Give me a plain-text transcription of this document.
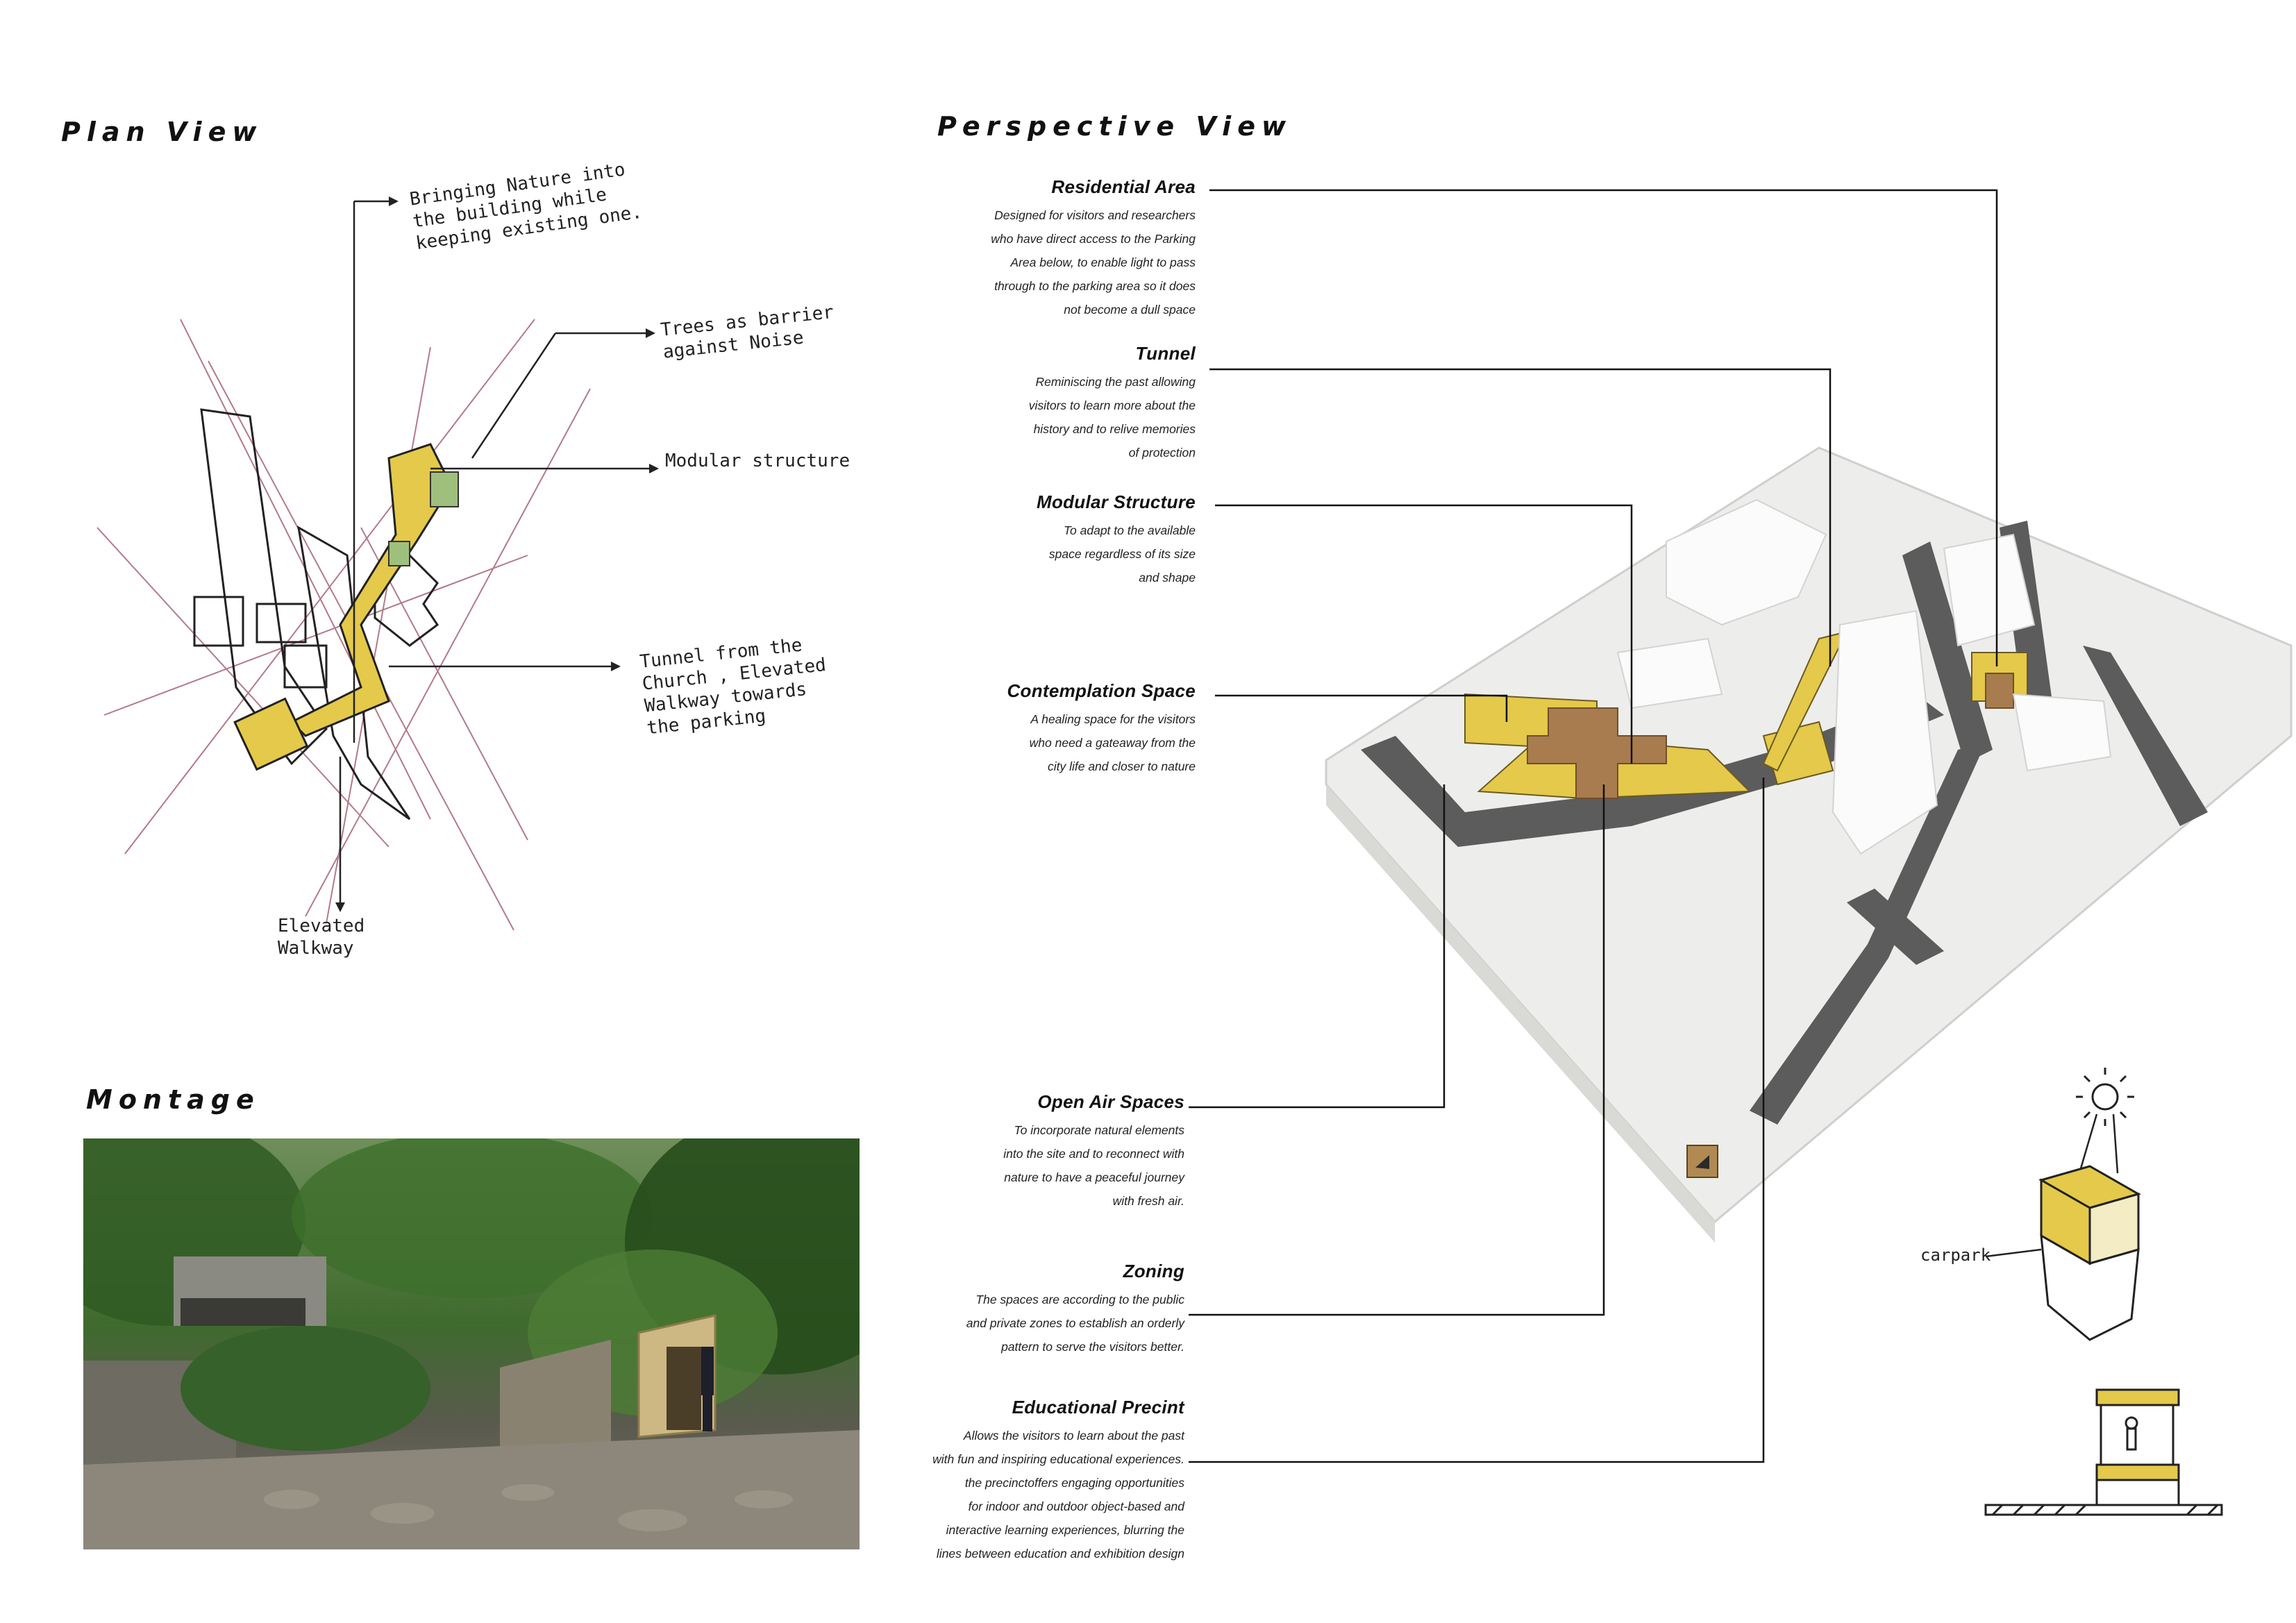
Plan View	Perspective View
Montage
Bringing Nature into
the building while
keeping existing one.
Trees as barrier
against Noise
Modular structure
Tunnel from the
Church , Elevated
Walkway towards
the parking
Elevated
Walkway
Residential Area

Designed for visitors and researchers
who have direct access to the Parking
Area below, to enable light to pass
through to the parking area so it does
not become a dull space

Tunnel

Reminiscing the past allowing
visitors to learn more about the
history and to relive memories
of protection

Modular Structure

To adapt to the available
space regardless of its size
and shape

Contemplation Space

A healing space for the visitors
who need a gateaway from the
city life and closer to nature

Open Air Spaces

To incorporate natural elements
into the site and to reconnect with
nature to have a peaceful journey
with fresh air.

Zoning

The spaces are according to the public
and private zones to establish an orderly
pattern to serve the visitors better.

Educational Precint

Allows the visitors to learn about the past
with fun and inspiring educational experiences.
the precinctoffers engaging opportunities
for indoor and outdoor object-based and
interactive learning experiences, blurring the
lines between education and exhibition design

carpark
